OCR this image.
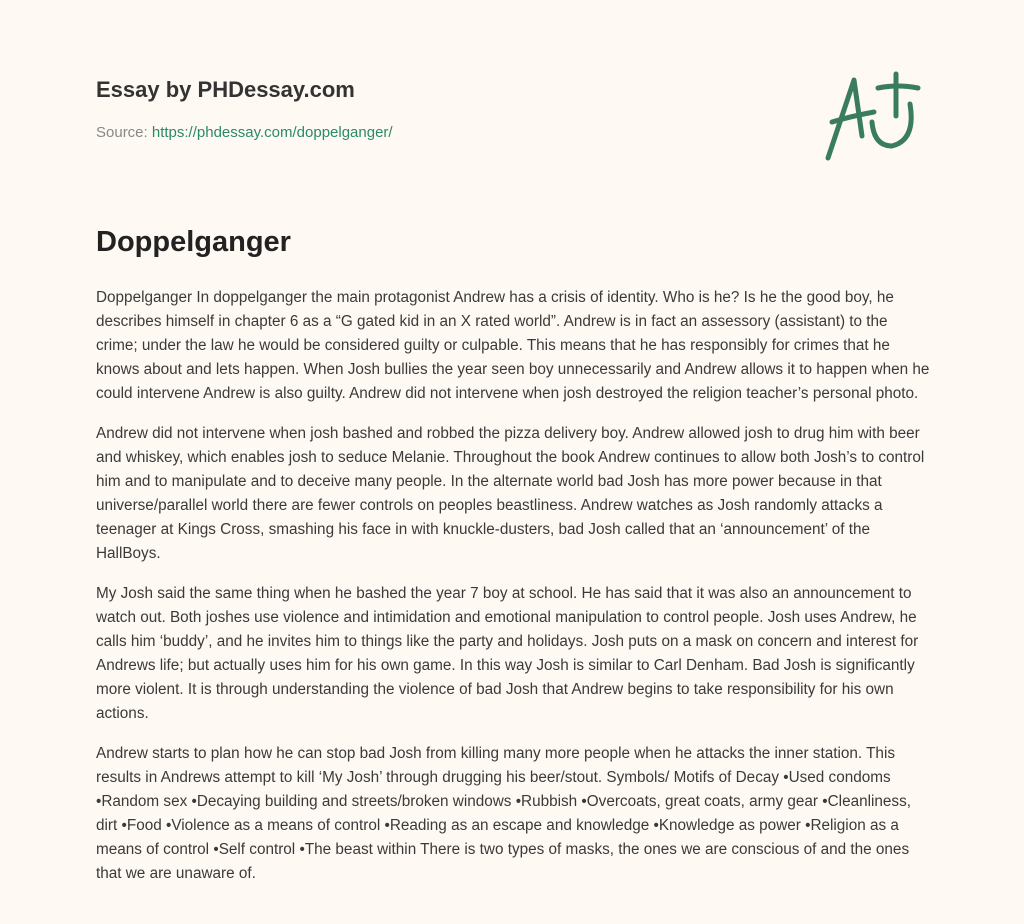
Essay by PHDessay.com
Source: https://phdessay.com/doppelganger/
Doppelganger

Doppelganger In doppelganger the main protagonist Andrew has a crisis of identity. Who is he? Is he the good boy, he describes himself in chapter 6 as a “G gated kid in an X rated world”. Andrew is in fact an assessory (assistant) to the crime; under the law he would be considered guilty or culpable. This means that he has responsibly for crimes that he knows about and lets happen. When Josh bullies the year seen boy unnecessarily and Andrew allows it to happen when he could intervene Andrew is also guilty. Andrew did not intervene when josh destroyed the religion teacher’s personal photo.

Andrew did not intervene when josh bashed and robbed the pizza delivery boy. Andrew allowed josh to drug him with beer and whiskey, which enables josh to seduce Melanie. Throughout the book Andrew continues to allow both Josh’s to control him and to manipulate and to deceive many people. In the alternate world bad Josh has more power because in that universe/parallel world there are fewer controls on peoples beastliness. Andrew watches as Josh randomly attacks a teenager at Kings Cross, smashing his face in with knuckle-dusters, bad Josh called that an ‘announcement’ of the HallBoys.

My Josh said the same thing when he bashed the year 7 boy at school. He has said that it was also an announcement to watch out. Both joshes use violence and intimidation and emotional manipulation to control people. Josh uses Andrew, he calls him ‘buddy’, and he invites him to things like the party and holidays. Josh puts on a mask on concern and interest for Andrews life; but actually uses him for his own game. In this way Josh is similar to Carl Denham. Bad Josh is significantly more violent. It is through understanding the violence of bad Josh that Andrew begins to take responsibility for his own actions.

Andrew starts to plan how he can stop bad Josh from killing many more people when he attacks the inner station. This results in Andrews attempt to kill ‘My Josh’ through drugging his beer/stout. Symbols/ Motifs of Decay •Used condoms •Random sex •Decaying building and streets/broken windows •Rubbish •Overcoats, great coats, army gear •Cleanliness, dirt •Food •Violence as a means of control •Reading as an escape and knowledge •Knowledge as power •Religion as a means of control •Self control •The beast within There is two types of masks, the ones we are conscious of and the ones that we are unaware of.
